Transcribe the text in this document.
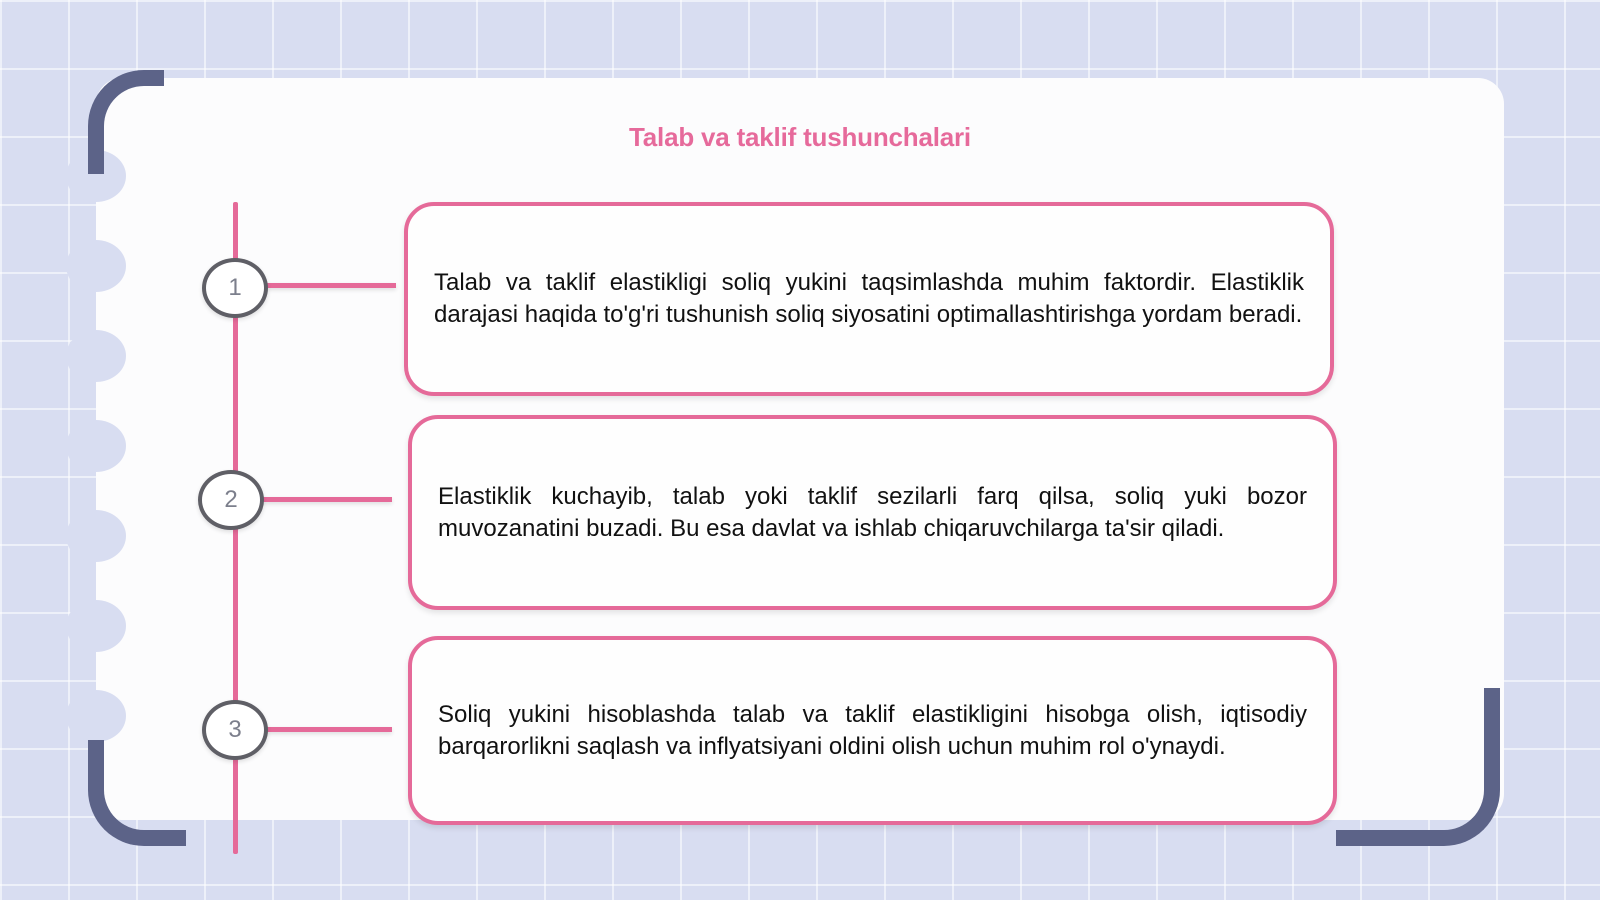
Talab va taklif tushunchalari
1	Talab va taklif elastikligi soliq yukini taqsimlashda muhim faktordir. Elastiklik darajasi haqida to'g'ri tushunish soliq siyosatini optimallashtirishga yordam beradi.
2	Elastiklik kuchayib, talab yoki taklif sezilarli farq qilsa, soliq yuki bozor muvozanatini buzadi. Bu esa davlat va ishlab chiqaruvchilarga ta'sir qiladi.
3
Soliq yukini hisoblashda talab va taklif elastikligini hisobga olish, iqtisodiy barqarorlikni saqlash va inflyatsiyani oldini olish uchun muhim rol o'ynaydi.
